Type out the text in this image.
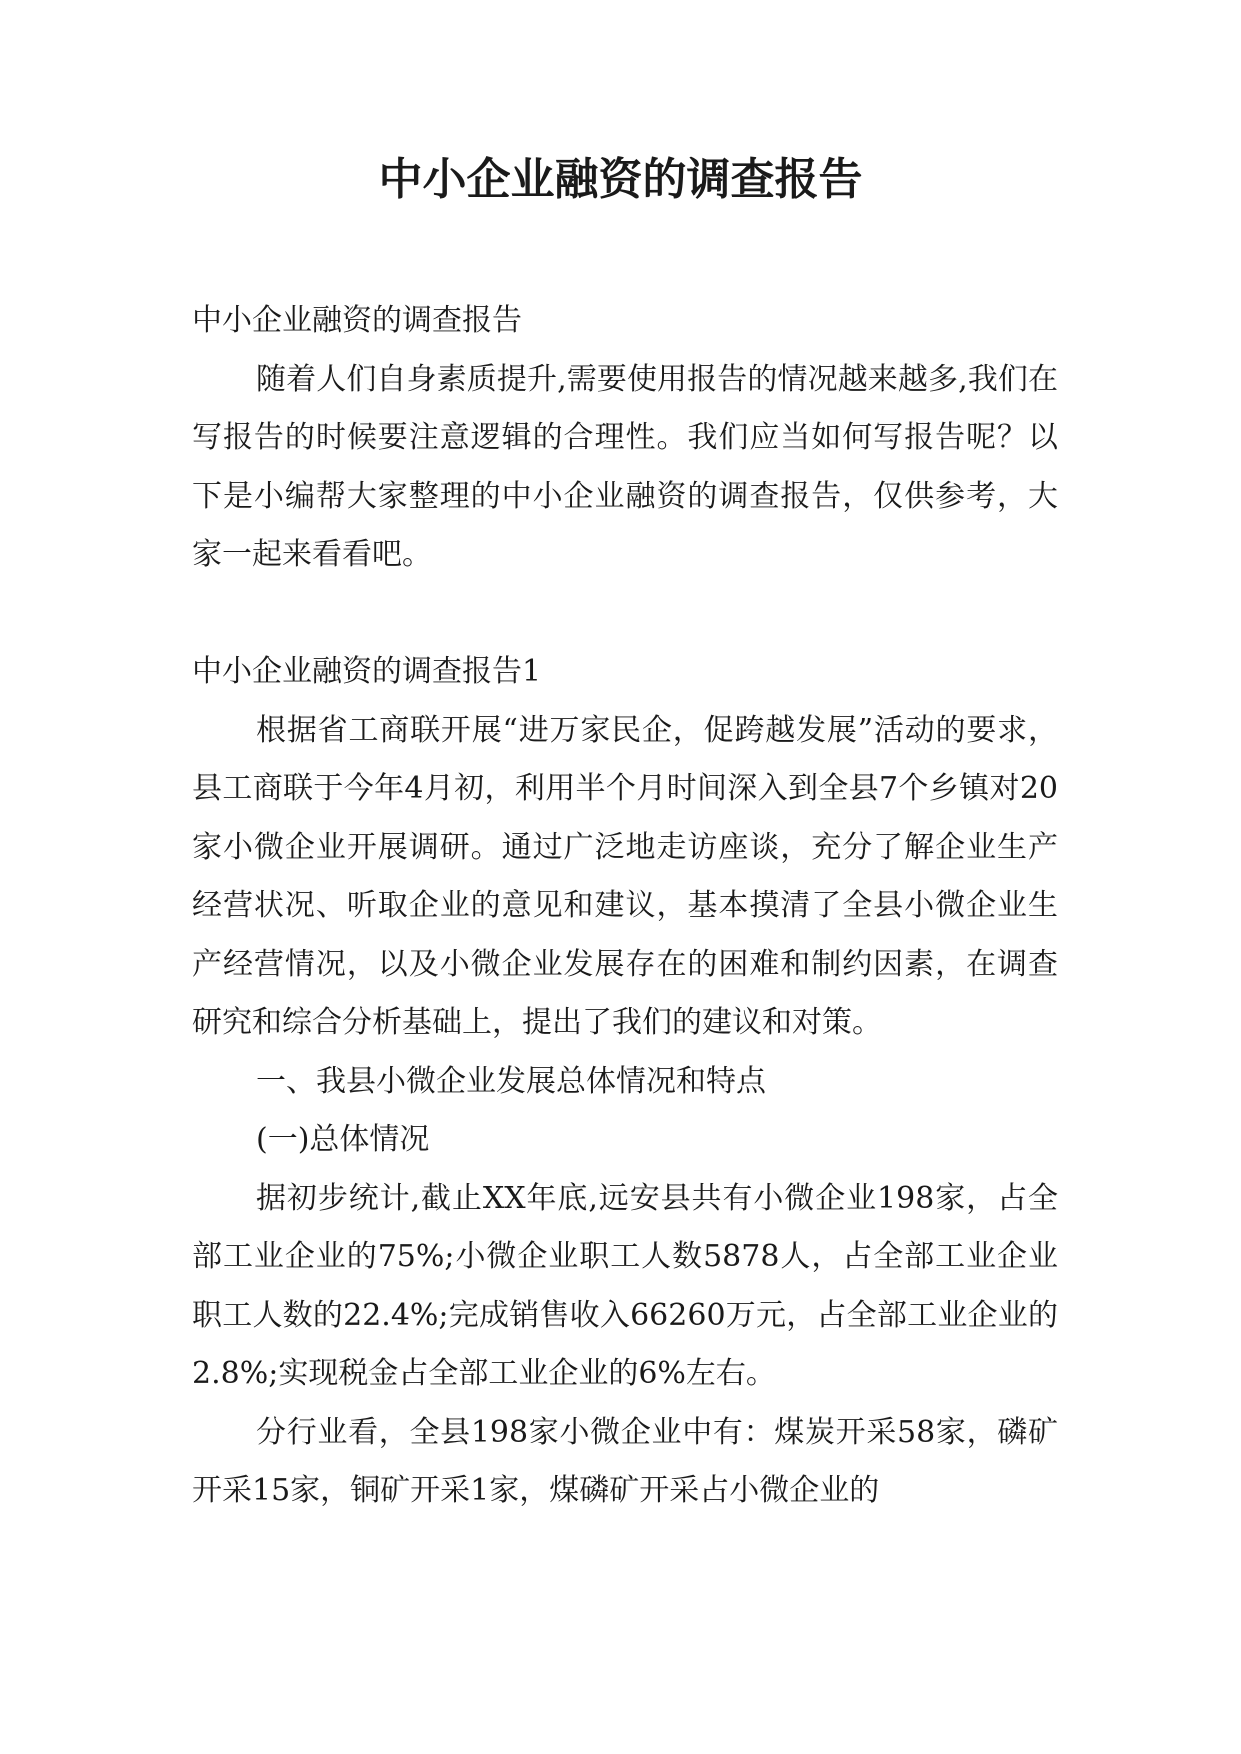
中小企业融资的调查报告

中小企业融资的调查报告

随着人们自身素质提升,需要使用报告的情况越来越多,我们在写报告的时候要注意逻辑的合理性。我们应当如何写报告呢？以下是小编帮大家整理的中小企业融资的调查报告，仅供参考，大家一起来看看吧。

中小企业融资的调查报告1

根据省工商联开展“进万家民企，促跨越发展”活动的要求，县工商联于今年4月初，利用半个月时间深入到全县7个乡镇对20家小微企业开展调研。通过广泛地走访座谈，充分了解企业生产经营状况、听取企业的意见和建议，基本摸清了全县小微企业生产经营情况，以及小微企业发展存在的困难和制约因素，在调查研究和综合分析基础上，提出了我们的建议和对策。

一、我县小微企业发展总体情况和特点

(一)总体情况

据初步统计,截止XX年底,远安县共有小微企业198家，占全部工业企业的75%;小微企业职工人数5878人，占全部工业企业职工人数的22.4%;完成销售收入66260万元，占全部工业企业的2.8%;实现税金占全部工业企业的6%左右。

分行业看，全县198家小微企业中有：煤炭开采58家，磷矿开采15家，铜矿开采1家，煤磷矿开采占小微企业的
